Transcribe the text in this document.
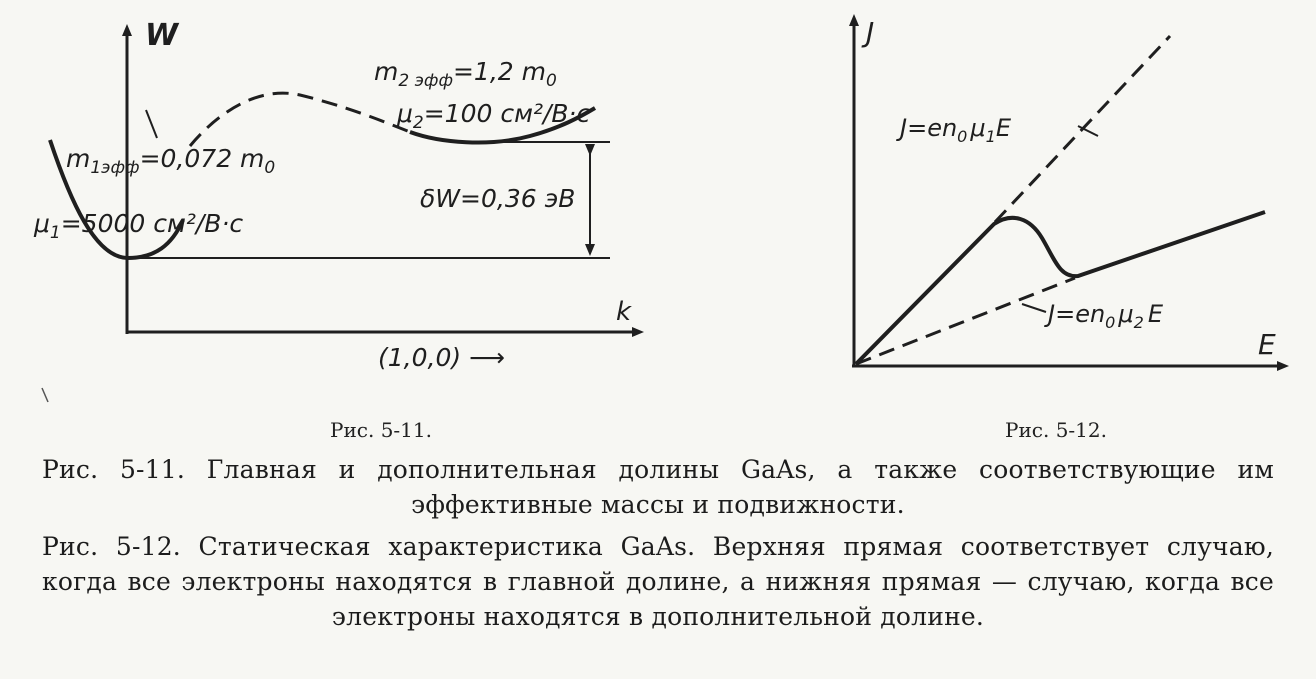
W
k
(1,0,0) ⟶
$m_{2 эфф}=1,2$ $m_0$
$\mu_2=100$ см²/В·с
$m_{1эфф}=0,072$ $m_0$
$\mu_1=5000$ см²/В·с
δW=0,36 эВ
J
E
$J=en_0$ $\mu_1E$
$J=en_0$ $\mu_2$ E
Рис. 5-11.	Рис. 5-12.

Рис. 5-11. Главная и дополнительная долины GaAs, а также соответствующие им эффективные массы и подвижности.

Рис. 5-12. Статическая характеристика GaAs. Верхняя прямая соответствует случаю, когда все электроны находятся в главной долине, а нижняя прямая — случаю, когда все электроны находятся в дополнительной долине.
